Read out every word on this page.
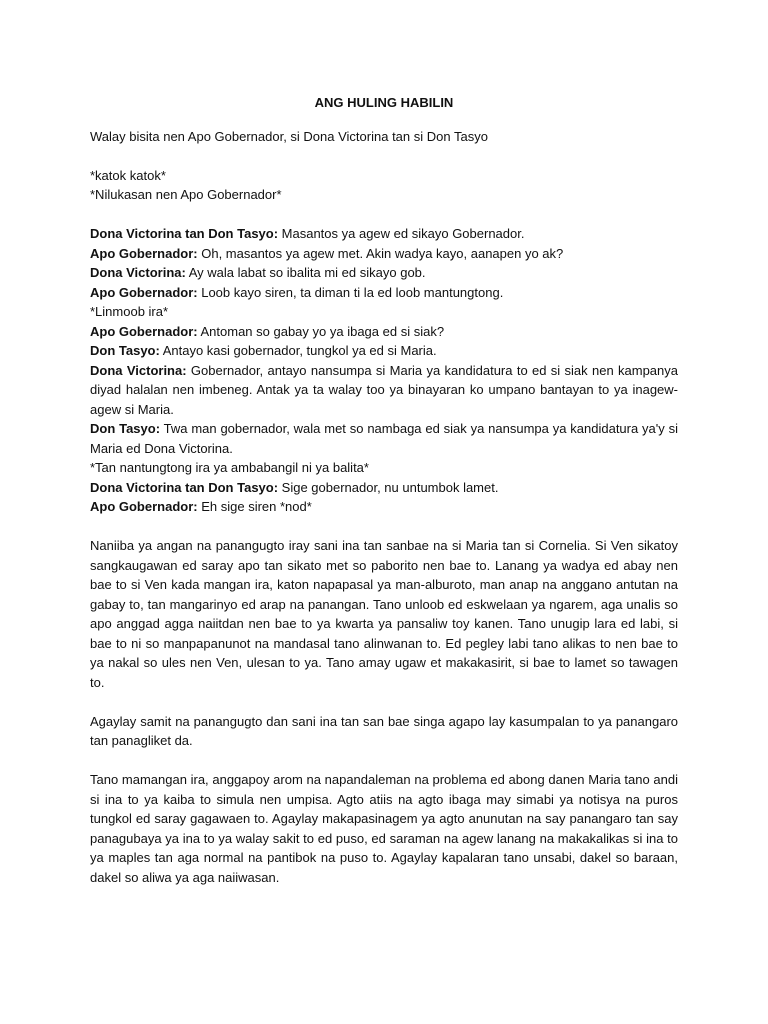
ANG HULING HABILIN

Walay bisita nen Apo Gobernador, si Dona Victorina tan si Don Tasyo

*katok katok*

*Nilukasan nen Apo Gobernador*

Dona Victorina tan Don Tasyo: Masantos ya agew ed sikayo Gobernador.

Apo Gobernador: Oh, masantos ya agew met. Akin wadya kayo, aanapen yo ak?

Dona Victorina: Ay wala labat so ibalita mi ed sikayo gob.

Apo Gobernador: Loob kayo siren, ta diman ti la ed loob mantungtong.

*Linmoob ira*

Apo Gobernador: Antoman so gabay yo ya ibaga ed si siak?

Don Tasyo: Antayo kasi gobernador, tungkol ya ed si Maria.

Dona Victorina: Gobernador, antayo nansumpa si Maria ya kandidatura to ed si siak nen kampanya diyad halalan nen imbeneg. Antak ya ta walay too ya binayaran ko umpano bantayan to ya inagew-agew si Maria.

Don Tasyo: Twa man gobernador, wala met so nambaga ed siak ya nansumpa ya kandidatura ya'y si Maria ed Dona Victorina.

*Tan nantungtong ira ya ambabangil ni ya balita*

Dona Victorina tan Don Tasyo: Sige gobernador, nu untumbok lamet.

Apo Gobernador: Eh sige siren *nod*

Naniiba ya angan na panangugto iray sani ina tan sanbae na si Maria tan si Cornelia. Si Ven sikatoy sangkaugawan ed saray apo tan sikato met so paborito nen bae to. Lanang ya wadya ed abay nen bae to si Ven kada mangan ira, katon napapasal ya man-alburoto, man anap na anggano antutan na gabay to, tan mangarinyo ed arap na panangan. Tano unloob ed eskwelaan ya ngarem, aga unalis so apo anggad agga naiitdan nen bae to ya kwarta ya pansaliw toy kanen. Tano unugip lara ed labi, si bae to ni so manpapanunot na mandasal tano alinwanan to. Ed pegley labi tano alikas to nen bae to ya nakal so ules nen Ven, ulesan to ya. Tano amay ugaw et makakasirit, si bae to lamet so tawagen to.

Agaylay samit na panangugto dan sani ina tan san bae singa agapo lay kasumpalan to ya panangaro tan panagliket da.

Tano mamangan ira, anggapoy arom na napandaleman na problema ed abong danen Maria tano andi si ina to ya kaiba to simula nen umpisa. Agto atiis na agto ibaga may simabi ya notisya na puros tungkol ed saray gagawaen to. Agaylay makapasinagem ya agto anunutan na say panangaro tan say panagubaya ya ina to ya walay sakit to ed puso, ed saraman na agew lanang na makakalikas si ina to ya maples tan aga normal na pantibok na puso to. Agaylay kapalaran tano unsabi, dakel so baraan, dakel so aliwa ya aga naiiwasan.
